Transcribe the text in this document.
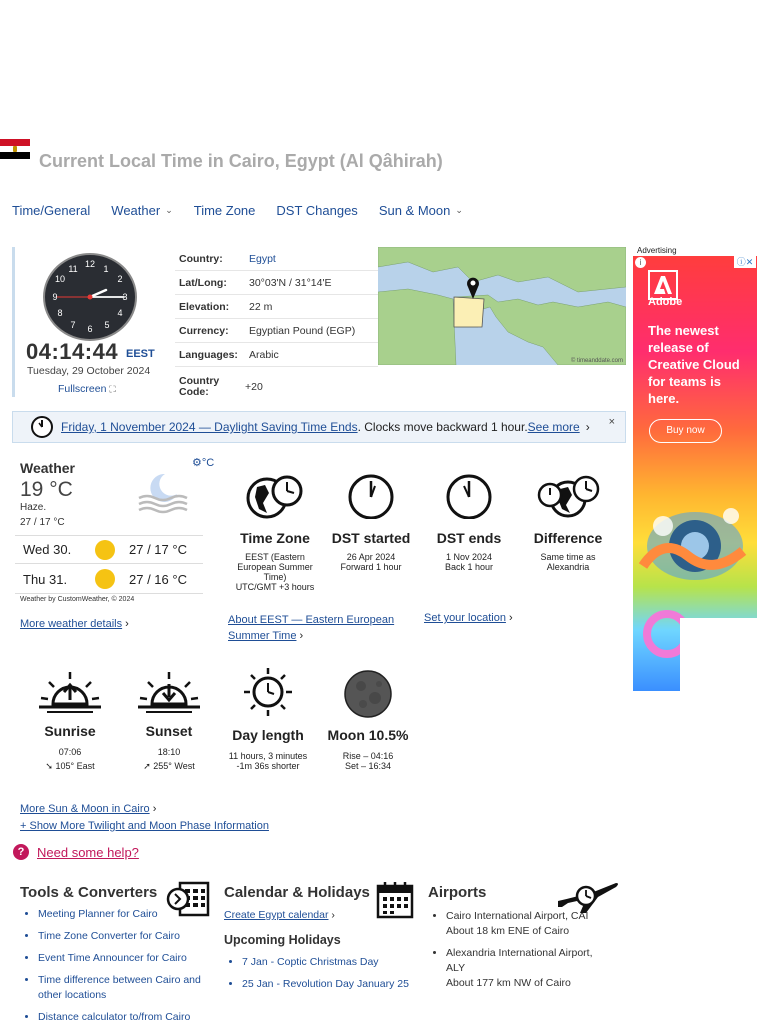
Current Local Time in Cairo, Egypt (Al Qâhirah)
Time/General Weather ⌄ Time Zone DST Changes Sun & Moon ⌄
12 1
2
3
4
5
6
7
8
9
10
11
04:14:44 EEST
Tuesday, 29 October 2024
Fullscreen ⛶
Country:	Egypt
Lat/Long:	30°03'N / 31°14'E
Elevation:	22 m
Currency:	Egyptian Pound (EGP)
Languages:	Arabic
Country Code:	+20
© timeanddate.com
Friday, 1 November 2024 — Daylight Saving Time Ends . Clocks move backward 1 hour. See more › ×
Weather	⚙°C
19 °C
Haze.
27 / 17 °C
Wed 30.	27 / 17 °C
Thu 31.	27 / 16 °C
Weather by CustomWeather, © 2024
More weather details ›
Time Zone
EEST (Eastern
European Summer
Time)
UTC/GMT +3 hours
DST started
26 Apr 2024
Forward 1 hour
DST ends
1 Nov 2024
Back 1 hour
Difference
Same time as
Alexandria
About EEST — Eastern European
Summer Time ›
Set your location ›
Sunrise
07:06
➘ 105° East
Sunset
18:10
➚ 255° West
Day length
11 hours, 3 minutes
-1m 36s shorter
Moon 10.5%
Rise – 04:16
Set – 16:34
More Sun & Moon in Cairo ›
+ Show More Twilight and Moon Phase Information
? Need some help?
Tools & Converters
• Meeting Planner for Cairo
• Time Zone Converter for Cairo
• Event Time Announcer for Cairo
• Time difference between Cairo and other locations
• Distance calculator to/from Cairo
Calendar & Holidays
Create Egypt calendar ›
Upcoming Holidays
• 7 Jan - Coptic Christmas Day
• 25 Jan - Revolution Day January 25
Airports
• Cairo International Airport, CAI
About 18 km ENE of Cairo
• Alexandria International Airport, ALY
About 177 km NW of Cairo
Advertising
i	ⓘ✕
Adobe
The newest release of Creative Cloud for teams is here.
Buy now
